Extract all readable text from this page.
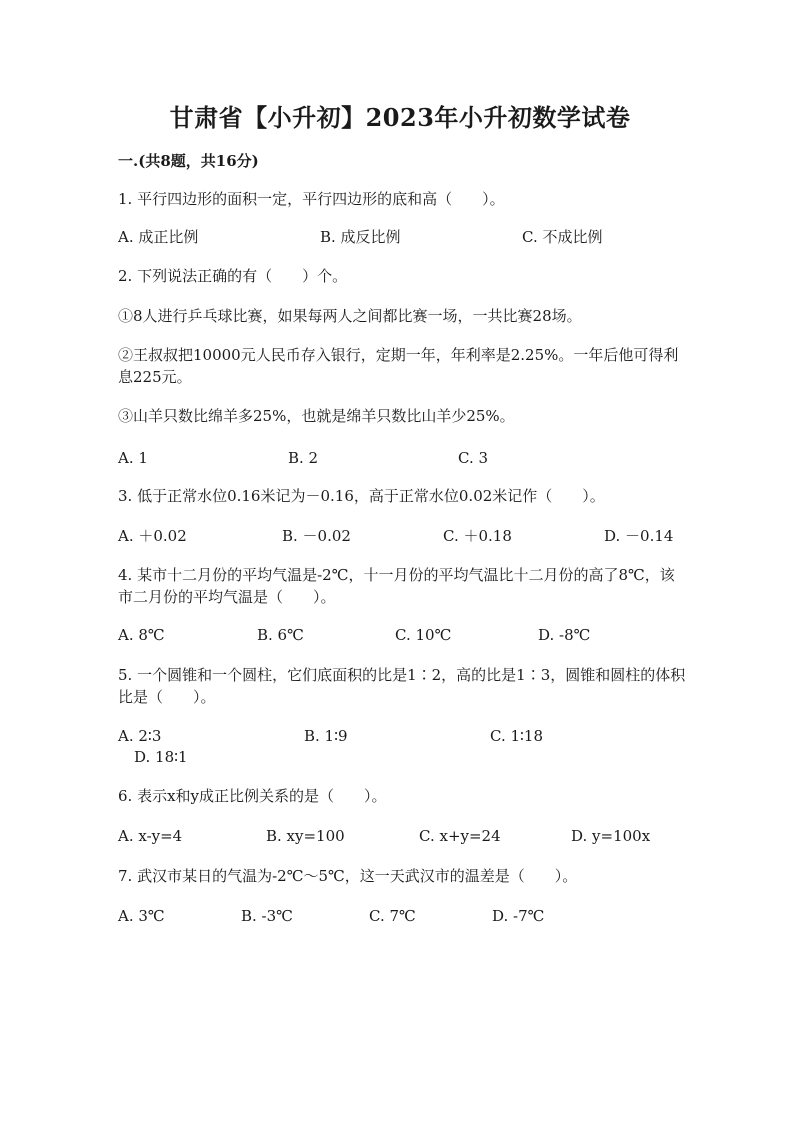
甘肃省【小升初】2023年小升初数学试卷
一.(共8题，共16分)
1. 平行四边形的面积一定，平行四边形的底和高（　　）。
A. 成正比例	B. 成反比例	C. 不成比例
2. 下列说法正确的有（　　）个。
①8人进行乒乓球比赛，如果每两人之间都比赛一场，一共比赛28场。
②王叔叔把10000元人民币存入银行，定期一年，年利率是2.25%。一年后他可得利息225元。
③山羊只数比绵羊多25%，也就是绵羊只数比山羊少25%。
A. 1	B. 2	C. 3
3. 低于正常水位0.16米记为－0.16，高于正常水位0.02米记作（　　）。
A. ＋0.02	B. －0.02	C. ＋0.18	D. －0.14
4. 某市十二月份的平均气温是-2℃，十一月份的平均气温比十二月份的高了8℃，该市二月份的平均气温是（　　）。
A. 8℃	B. 6℃	C. 10℃	D. -8℃
5. 一个圆锥和一个圆柱，它们底面积的比是1∶2，高的比是1∶3，圆锥和圆柱的体积比是（　　）。
A. 2∶3	B. 1∶9	C. 1∶18
D. 18∶1
6. 表示x和y成正比例关系的是（　　）。
A. x-y=4	B. xy=100	C. x+y=24	D. y=100x
7. 武汉市某日的气温为-2℃～5℃，这一天武汉市的温差是（　　）。
A. 3℃	B. -3℃	C. 7℃	D. -7℃
